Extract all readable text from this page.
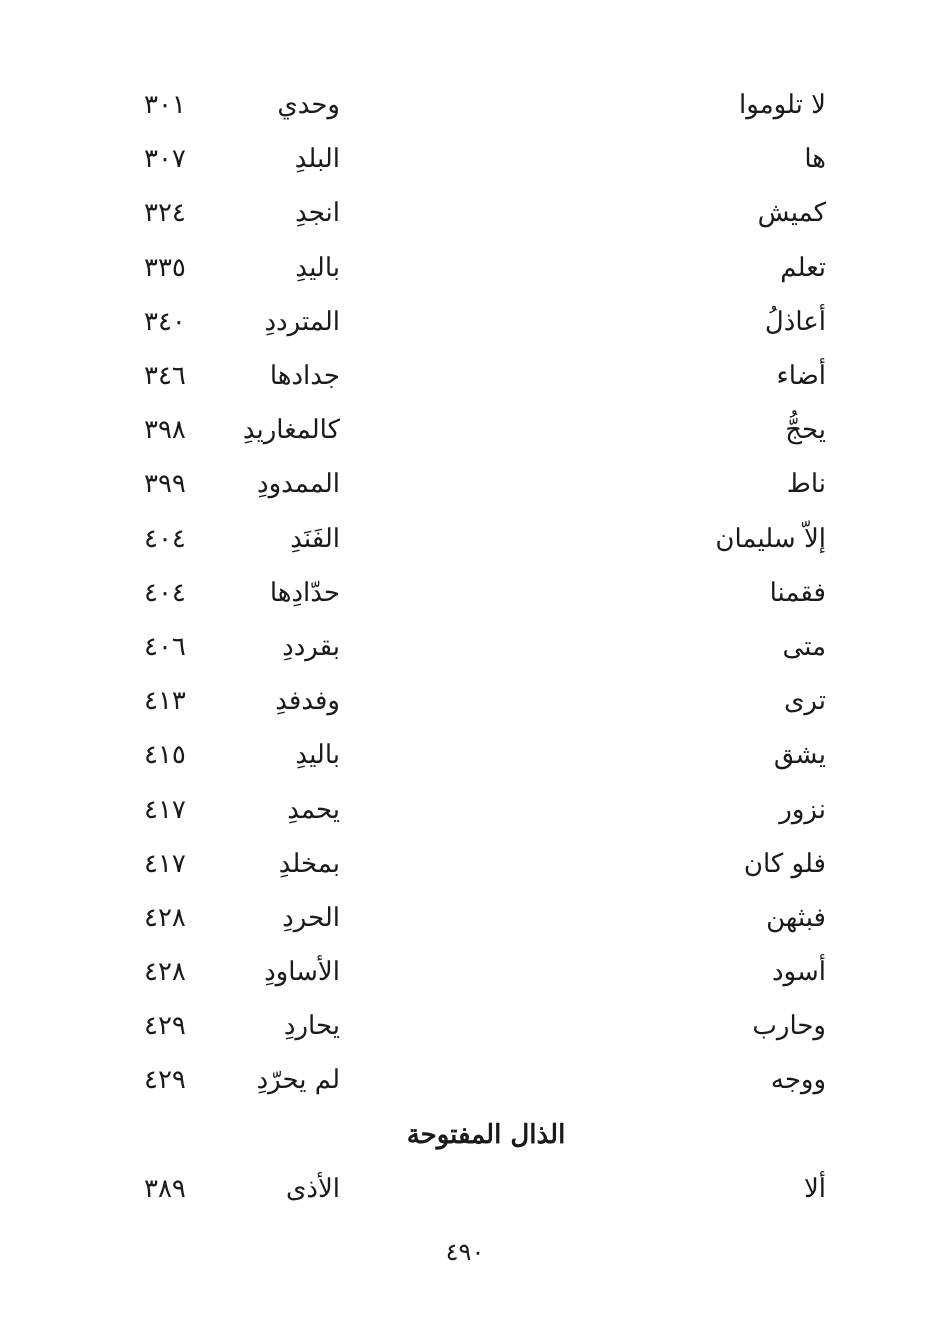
لا تلوموا
وحدي
٣٠١
ها
البلدِ
٣٠٧
كميش
انجدِ
٣٢٤
تعلم
باليدِ
٣٣٥
أعاذلُ
المترددِ
٣٤٠
أضاء
جدادها
٣٤٦
يحجُّ
كالمغاريدِ
٣٩٨
ناط
الممدودِ
٣٩٩
إلاّ سليمان
الفَنَدِ
٤٠٤
فقمنا
حدّادِها
٤٠٤
متى
بقرددِ
٤٠٦
ترى
وفدفدِ
٤١٣
يشق
باليدِ
٤١٥
نزور
يحمدِ
٤١٧
فلو كان
بمخلدِ
٤١٧
فبثهن
الحردِ
٤٢٨
أسود
الأساودِ
٤٢٨
وحارب
يحاردِ
٤٢٩
ووجه
لم يحرّدِ
٤٢٩
الذال المفتوحة
ألا
الأذى
٣٨٩
٤٩٠
